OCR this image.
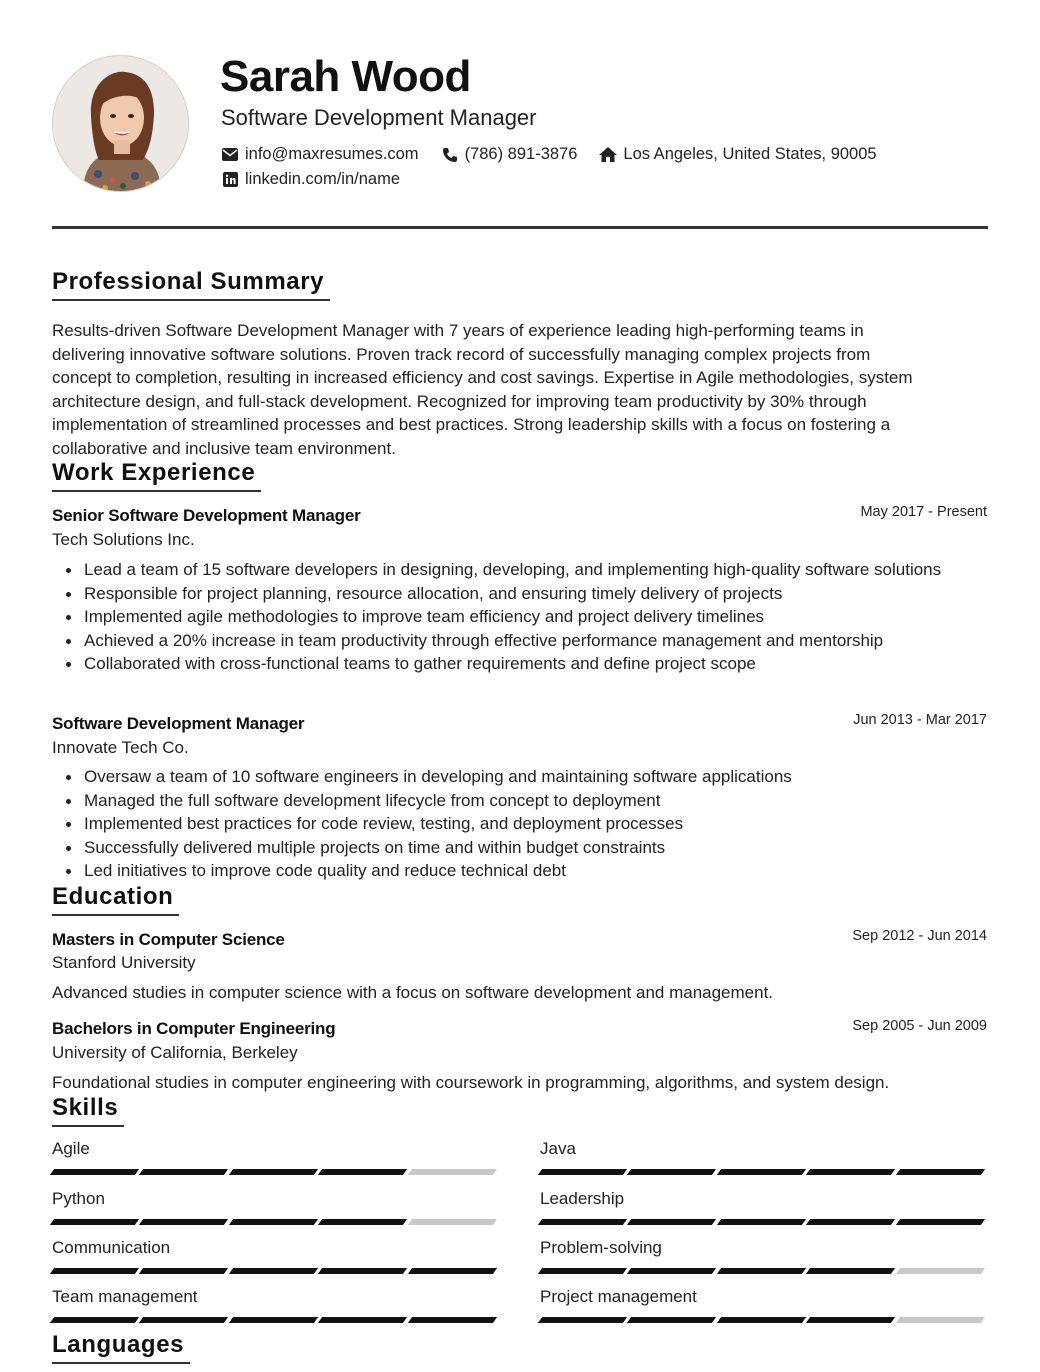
Sarah Wood
Software Development Manager
info@maxresumes.com	(786) 891-3876	Los Angeles, United States, 90005
linkedin.com/in/name
Professional Summary
Results-driven Software Development Manager with 7 years of experience leading high-performing teams in
delivering innovative software solutions. Proven track record of successfully managing complex projects from
concept to completion, resulting in increased efficiency and cost savings. Expertise in Agile methodologies, system
architecture design, and full-stack development. Recognized for improving team productivity by 30% through
implementation of streamlined processes and best practices. Strong leadership skills with a focus on fostering a
collaborative and inclusive team environment.
Work Experience
Senior Software Development Manager	May 2017 - Present
Tech Solutions Inc.
Lead a team of 15 software developers in designing, developing, and implementing high-quality software solutions
Responsible for project planning, resource allocation, and ensuring timely delivery of projects
Implemented agile methodologies to improve team efficiency and project delivery timelines
Achieved a 20% increase in team productivity through effective performance management and mentorship
Collaborated with cross-functional teams to gather requirements and define project scope
Software Development Manager	Jun 2013 - Mar 2017
Innovate Tech Co.
Oversaw a team of 10 software engineers in developing and maintaining software applications
Managed the full software development lifecycle from concept to deployment
Implemented best practices for code review, testing, and deployment processes
Successfully delivered multiple projects on time and within budget constraints
Led initiatives to improve code quality and reduce technical debt
Education
Masters in Computer Science	Sep 2012 - Jun 2014
Stanford University
Advanced studies in computer science with a focus on software development and management.
Bachelors in Computer Engineering	Sep 2005 - Jun 2009
University of California, Berkeley
Foundational studies in computer engineering with coursework in programming, algorithms, and system design.
Skills
Agile	Java
Python	Leadership
Communication	Problem-solving
Team management	Project management
Languages
